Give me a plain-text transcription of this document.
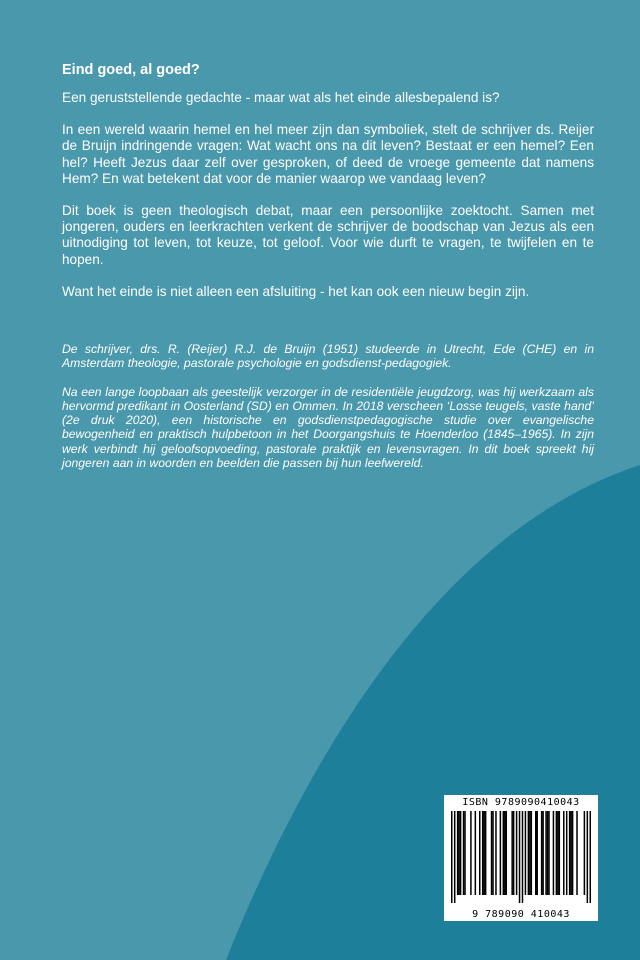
Eind goed, al goed?

Een geruststellende gedachte - maar wat als het einde allesbepalend is?

In een wereld waarin hemel en hel meer zijn dan symboliek, stelt de schrijver ds. Reijer de Bruijn indringende vragen: Wat wacht ons na dit leven? Bestaat er een hemel? Een hel? Heeft Jezus daar zelf over gesproken, of deed de vroege gemeente dat namens Hem? En wat betekent dat voor de manier waarop we vandaag leven?

Dit boek is geen theologisch debat, maar een persoonlijke zoektocht. Samen met jongeren, ouders en leerkrachten verkent de schrijver de boodschap van Jezus als een uitnodiging tot leven, tot keuze, tot geloof. Voor wie durft te vragen, te twijfelen en te hopen.

Want het einde is niet alleen een afsluiting - het kan ook een nieuw begin zijn.

De schrijver, drs. R. (Reijer) R.J. de Bruijn (1951) studeerde in Utrecht, Ede (CHE) en in Amsterdam theologie, pastorale psychologie en godsdienst-pedagogiek.

Na een lange loopbaan als geestelijk verzorger in de residentiële jeugdzorg, was hij werkzaam als hervormd predikant in Oosterland (SD) en Ommen. In 2018 verscheen ‘Losse teugels, vaste hand’ (2e druk 2020), een historische en godsdienstpedagogische studie over evangelische bewogenheid en praktisch hulpbetoon in het Doorgangshuis te Hoenderloo (1845–1965). In zijn werk verbindt hij geloofsopvoeding, pastorale praktijk en levensvragen. In dit boek spreekt hij jongeren aan in woorden en beelden die passen bij hun leefwereld.

ISBN 9789090410043
9 789090 410043
